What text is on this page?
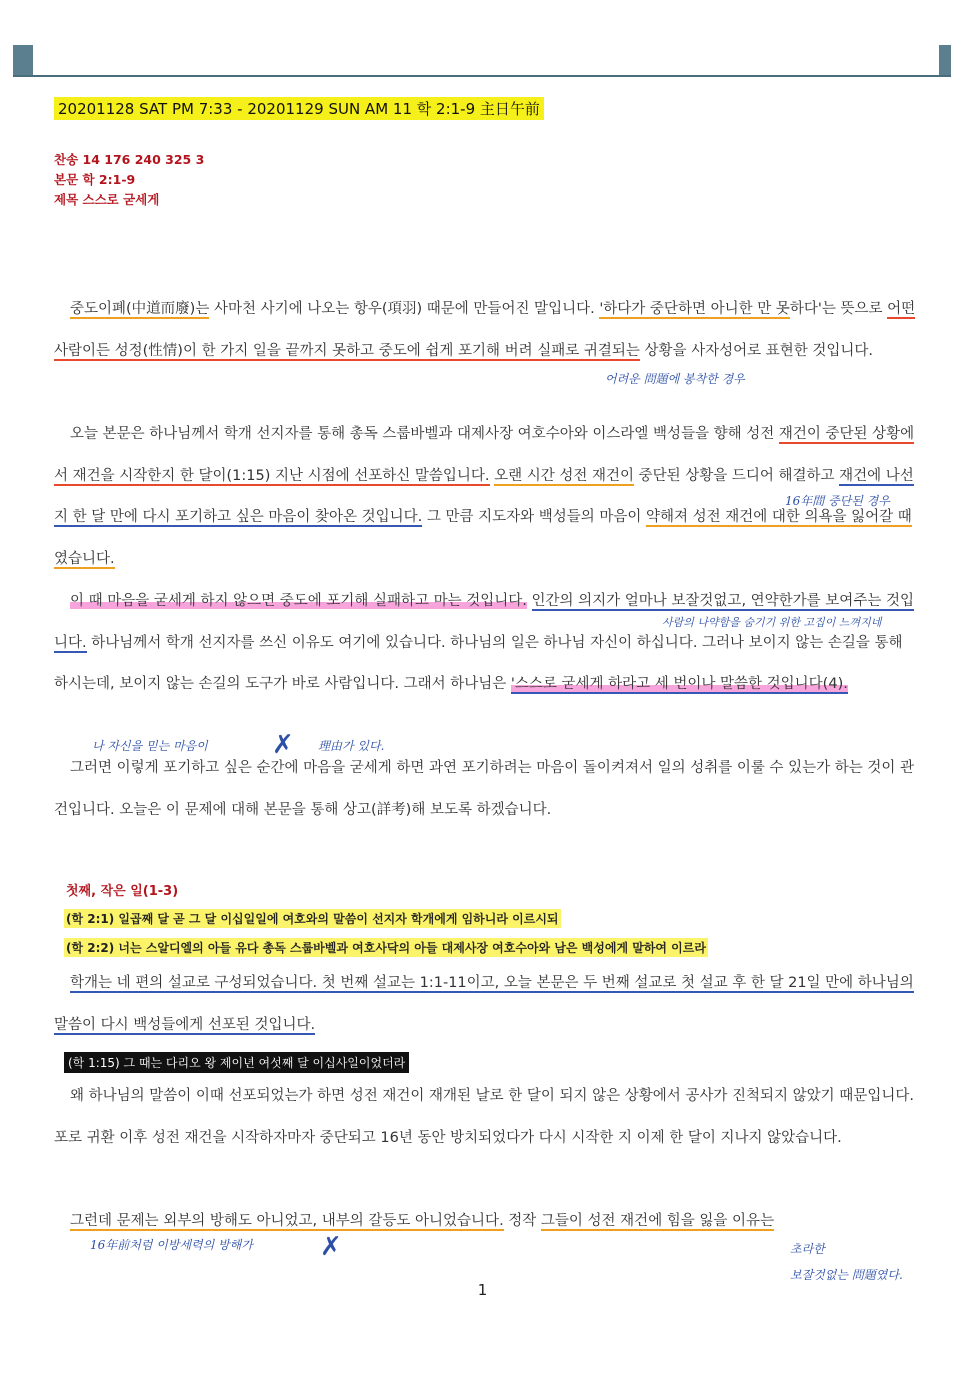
20201128 SAT PM 7:33 - 20201129 SUN AM 11 학 2:1-9 主日午前
찬송 14 176 240 325 3
본문 학 2:1-9
제목 스스로 굳세게
중도이폐(中道而廢)는 사마천 사기에 나오는 항우(項羽) 때문에 만들어진 말입니다. '하다가 중단하면 아니한 만 못하다'는 뜻으로 어떤 사람이든 성정(性情)이 한 가지 일을 끝까지 못하고 중도에 쉽게 포기해 버려 실패로 귀결되는 상황을 사자성어로 표현한 것입니다.
오늘 본문은 하나님께서 학개 선지자를 통해 총독 스룹바벨과 대제사장 여호수아와 이스라엘 백성들을 향해 성전 재건이 중단된 상황에서 재건을 시작한지 한 달이(1:15) 지난 시점에 선포하신 말씀입니다. 오랜 시간 성전 재건이 중단된 상황을 드디어 해결하고 재건에 나선지 한 달 만에 다시 포기하고 싶은 마음이 찾아온 것입니다. 그 만큼 지도자와 백성들의 마음이 약해져 성전 재건에 대한 의욕을 잃어갈 때였습니다.
이 때 마음을 굳세게 하지 않으면 중도에 포기해 실패하고 마는 것입니다. 인간의 의지가 얼마나 보잘것없고, 연약한가를 보여주는 것입니다. 하나님께서 학개 선지자를 쓰신 이유도 여기에 있습니다. 하나님의 일은 하나님 자신이 하십니다. 그러나 보이지 않는 손길을 통해 하시는데, 보이지 않는 손길의 도구가 바로 사람입니다. 그래서 하나님은 '스스로 굳세게 하라고 세 번이나 말씀한 것입니다(4).
그러면 이렇게 포기하고 싶은 순간에 마음을 굳세게 하면 과연 포기하려는 마음이 돌이켜져서 일의 성취를 이룰 수 있는가 하는 것이 관건입니다. 오늘은 이 문제에 대해 본문을 통해 상고(詳考)해 보도록 하겠습니다.
첫째, 작은 일(1-3)
(학 2:1) 일곱째 달 곧 그 달 이십일일에 여호와의 말씀이 선지자 학개에게 임하니라 이르시되
(학 2:2) 너는 스알디엘의 아들 유다 총독 스룹바벨과 여호사닥의 아들 대제사장 여호수아와 남은 백성에게 말하여 이르라
학개는 네 편의 설교로 구성되었습니다. 첫 번째 설교는 1:1-11이고, 오늘 본문은 두 번째 설교로 첫 설교 후 한 달 21일 만에 하나님의 말씀이 다시 백성들에게 선포된 것입니다.
(학 1:15) 그 때는 다리오 왕 제이년 여섯째 달 이십사일이었더라
왜 하나님의 말씀이 이때 선포되었는가 하면 성전 재건이 재개된 날로 한 달이 되지 않은 상황에서 공사가 진척되지 않았기 때문입니다. 포로 귀환 이후 성전 재건을 시작하자마자 중단되고 16년 동안 방치되었다가 다시 시작한 지 이제 한 달이 지나지 않았습니다.
그런데 문제는 외부의 방해도 아니었고, 내부의 갈등도 아니었습니다. 정작 그들이 성전 재건에 힘을 잃을 이유는
어려운 問題에 봉착한 경우
16年間 중단된 경우
사람의 나약함을 숨기기 위한 고집이 느껴지네
나 자신을 믿는 마음이 ✗ 理由가 있다.
16年前처럼 이방세력의 방해가	✗	초라한
보잘것없는 問題였다.
1
